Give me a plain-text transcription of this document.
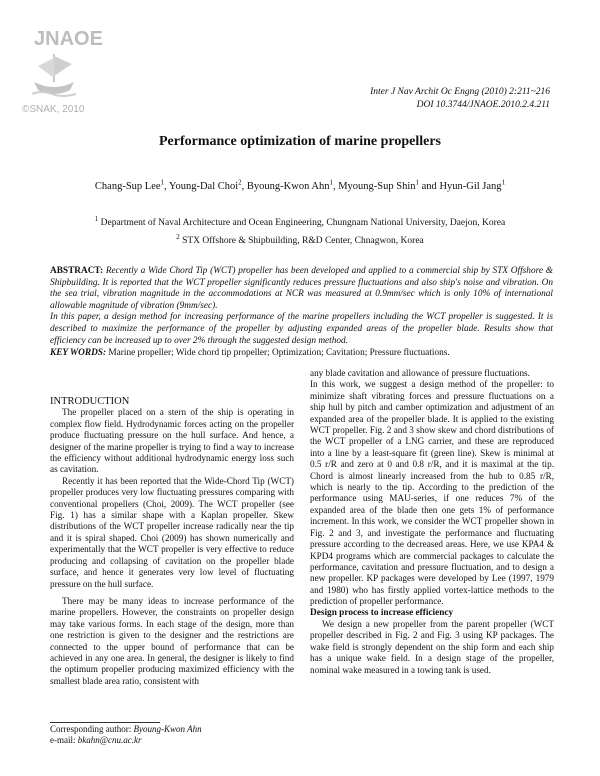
JNAOE
©SNAK, 2010
Inter J Nav Archit Oc Engng (2010) 2:211~216
DOI 10.3744/JNAOE.2010.2.4.211
Performance optimization of marine propellers
Chang-Sup Lee$^1$, Young-Dal Choi$^2$, Byoung-Kwon Ahn$^1$, Myoung-Sup Shin$^1$ and Hyun-Gil Jang$^1$
$^1$ Department of Naval Architecture and Ocean Engineering, Chungnam National University, Daejon, Korea
$^2$ STX Offshore & Shipbuilding, R&D Center, Chnagwon, Korea

ABSTRACT: Recently a Wide Chord Tip (WCT) propeller has been developed and applied to a commercial ship by STX Offshore & Shipbuilding. It is reported that the WCT propeller significantly reduces pressure fluctuations and also ship's noise and vibration. On the sea trial, vibration magnitude in the accommodations at NCR was measured at 0.9mm/sec which is only 10% of international allowable magnitude of vibration (9mm/sec).

In this paper, a design method for increasing performance of the marine propellers including the WCT propeller is suggested. It is described to maximize the performance of the propeller by adjusting expanded areas of the propeller blade. Results show that efficiency can be increased up to over 2% through the suggested design method.

KEY WORDS: Marine propeller; Wide chord tip propeller; Optimization; Cavitation; Pressure fluctuations.

INTRODUCTION

The propeller placed on a stern of the ship is operating in complex flow field. Hydrodynamic forces acting on the propeller produce fluctuating pressure on the hull surface. And hence, a designer of the marine propeller is trying to find a way to increase the efficiency without additional hydrodynamic energy loss such as cavitation.

Recently it has been reported that the Wide-Chord Tip (WCT) propeller produces very low fluctuating pressures comparing with conventional propellers (Choi, 2009). The WCT propeller (see Fig. 1) has a similar shape with a Kaplan propeller. Skew distributions of the WCT propeller increase radically near the tip and it is spiral shaped. Choi (2009) has shown numerically and experimentally that the WCT propeller is very effective to reduce producing and collapsing of cavitation on the propeller blade surface, and hence it generates very low level of fluctuating pressure on the hull surface.

There may be many ideas to increase performance of the marine propellers. However, the constraints on propeller design may take various forms. In each stage of the design, more than one restriction is given to the designer and the restrictions are connected to the upper bound of performance that can be achieved in any one area. In general, the designer is likely to find the optimum propeller producing maximized efficiency with the smallest blade area ratio, consistent with

any blade cavitation and allowance of pressure fluctuations.

In this work, we suggest a design method of the propeller: to minimize shaft vibrating forces and pressure fluctuations on a ship hull by pitch and camber optimization and adjustment of an expanded area of the propeller blade. It is applied to the existing WCT propeller. Fig. 2 and 3 show skew and chord distributions of the WCT propeller of a LNG carrier, and these are reproduced into a line by a least-square fit (green line). Skew is minimal at 0.5 r/R and zero at 0 and 0.8 r/R, and it is maximal at the tip. Chord is almost linearly increased from the hub to 0.85 r/R, which is nearly to the tip. According to the prediction of the performance using MAU-series, if one reduces 7% of the expanded area of the blade then one gets 1% of performance increment. In this work, we consider the WCT propeller shown in Fig. 2 and 3, and investigate the performance and fluctuating pressure according to the decreased areas. Here, we use KPA4 & KPD4 programs which are commercial packages to calculate the performance, cavitation and pressure fluctuation, and to design a new propeller. KP packages were developed by Lee (1997, 1979 and 1980) who has firstly applied vortex-lattice methods to the prediction of propeller performance.

Design process to increase efficiency

We design a new propeller from the parent propeller (WCT propeller described in Fig. 2 and Fig. 3 using KP packages. The wake field is strongly dependent on the ship form and each ship has a unique wake field. In a design stage of the propeller, nominal wake measured in a towing tank is used.

Corresponding author: Byoung-Kwon Ahn
e-mail: bkahn@cnu.ac.kr
